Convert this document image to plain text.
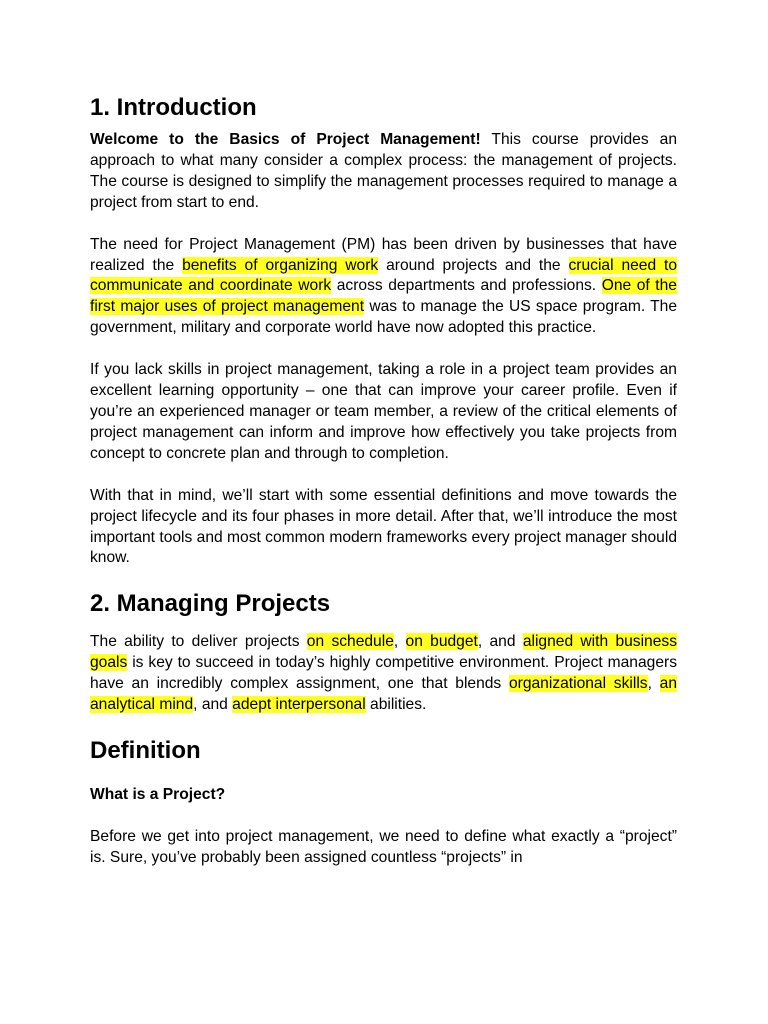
1. Introduction

Welcome to the Basics of Project Management! This course provides an approach to what many consider a complex process: the management of projects. The course is designed to simplify the management processes required to manage a project from start to end.

The need for Project Management (PM) has been driven by businesses that have realized the benefits of organizing work around projects and the crucial need to communicate and coordinate work across departments and professions. One of the first major uses of project management was to manage the US space program. The government, military and corporate world have now adopted this practice.

If you lack skills in project management, taking a role in a project team provides an excellent learning opportunity – one that can improve your career profile. Even if you’re an experienced manager or team member, a review of the critical elements of project management can inform and improve how effectively you take projects from concept to concrete plan and through to completion.

With that in mind, we’ll start with some essential definitions and move towards the project lifecycle and its four phases in more detail. After that, we’ll introduce the most important tools and most common modern frameworks every project manager should know.

2. Managing Projects

The ability to deliver projects on schedule, on budget, and aligned with business goals is key to succeed in today’s highly competitive environment. Project managers have an incredibly complex assignment, one that blends organizational skills, an analytical mind, and adept interpersonal abilities.

Definition

What is a Project?

Before we get into project management, we need to define what exactly a “project” is. Sure, you’ve probably been assigned countless “projects” in
